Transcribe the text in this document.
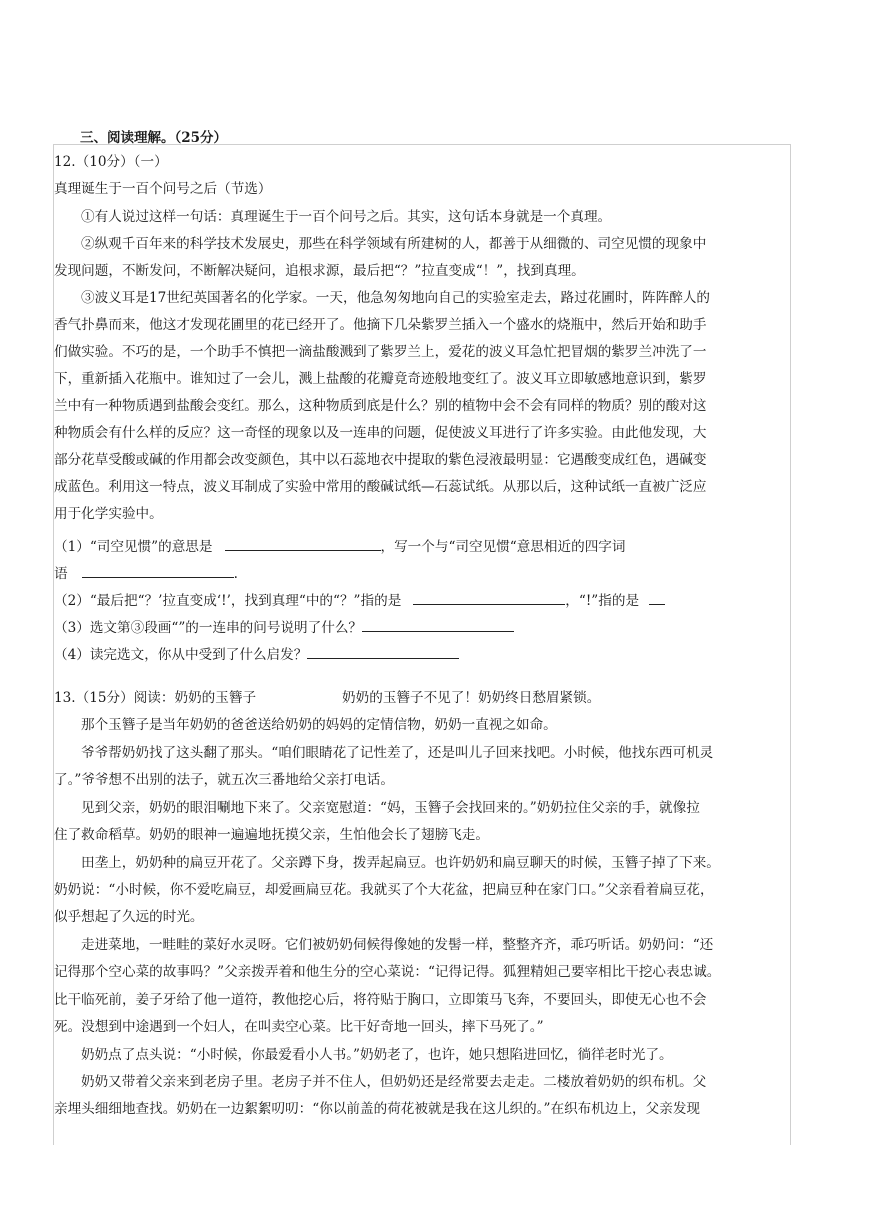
三、阅读理解。（25分）
12.（10分）（一）
真理诞生于一百个问号之后（节选）
①有人说过这样一句话：真理诞生于一百个问号之后。其实，这句话本身就是一个真理。
②纵观千百年来的科学技术发展史，那些在科学领域有所建树的人，都善于从细微的、司空见惯的现象中
发现问题，不断发问，不断解决疑问，追根求源，最后把“？”拉直变成“！”，找到真理。
③波义耳是17世纪英国著名的化学家。一天，他急匆匆地向自己的实验室走去，路过花圃时，阵阵醉人的
香气扑鼻而来，他这才发现花圃里的花已经开了。他摘下几朵紫罗兰插入一个盛水的烧瓶中，然后开始和助手
们做实验。不巧的是，一个助手不慎把一滴盐酸溅到了紫罗兰上，爱花的波义耳急忙把冒烟的紫罗兰冲洗了一
下，重新插入花瓶中。谁知过了一会儿，溅上盐酸的花瓣竟奇迹般地变红了。波义耳立即敏感地意识到，紫罗
兰中有一种物质遇到盐酸会变红。那么，这种物质到底是什么？别的植物中会不会有同样的物质？别的酸对这
种物质会有什么样的反应？这一奇怪的现象以及一连串的问题，促使波义耳进行了许多实验。由此他发现，大
部分花草受酸或碱的作用都会改变颜色，其中以石蕊地衣中提取的紫色浸液最明显：它遇酸变成红色，遇碱变
成蓝色。利用这一特点，波义耳制成了实验中常用的酸碱试纸—石蕊试纸。从那以后，这种试纸一直被广泛应
用于化学实验中。
（1）“司空见惯”的意思是	，写一个与“司空见惯“意思相近的四字词
语	.
（2）“最后把“？’拉直变成‘!’，找到真理“中的“？”指的是	，“!”指的是
（3）选文第③段画“”的一连串的问号说明了什么？
（4）读完选文，你从中受到了什么启发？
13.（15分）阅读：奶奶的玉簪子	奶奶的玉簪子不见了！奶奶终日愁眉紧锁。
那个玉簪子是当年奶奶的爸爸送给奶奶的妈妈的定情信物，奶奶一直视之如命。
爷爷帮奶奶找了这头翻了那头。“咱们眼睛花了记性差了，还是叫儿子回来找吧。小时候，他找东西可机灵
了。”爷爷想不出别的法子，就五次三番地给父亲打电话。
见到父亲，奶奶的眼泪唰地下来了。父亲宽慰道：“妈，玉簪子会找回来的。”奶奶拉住父亲的手，就像拉
住了救命稻草。奶奶的眼神一遍遍地抚摸父亲，生怕他会长了翅膀飞走。
田垄上，奶奶种的扁豆开花了。父亲蹲下身，拨弄起扁豆。也许奶奶和扁豆聊天的时候，玉簪子掉了下来。
奶奶说：“小时候，你不爱吃扁豆，却爱画扁豆花。我就买了个大花盆，把扁豆种在家门口。”父亲看着扁豆花，
似乎想起了久远的时光。
走进菜地，一畦畦的菜好水灵呀。它们被奶奶伺候得像她的发髻一样，整整齐齐，乖巧听话。奶奶问：“还
记得那个空心菜的故事吗？”父亲拨弄着和他生分的空心菜说：“记得记得。狐狸精妲己要宰相比干挖心表忠诚。
比干临死前，姜子牙给了他一道符，教他挖心后，将符贴于胸口，立即策马飞奔，不要回头，即使无心也不会
死。没想到中途遇到一个妇人，在叫卖空心菜。比干好奇地一回头，摔下马死了。”
奶奶点了点头说：“小时候，你最爱看小人书。”奶奶老了，也许，她只想陷进回忆，徜徉老时光了。
奶奶又带着父亲来到老房子里。老房子并不住人，但奶奶还是经常要去走走。二楼放着奶奶的织布机。父
亲埋头细细地查找。奶奶在一边絮絮叨叨：“你以前盖的荷花被就是我在这儿织的。”在织布机边上，父亲发现
